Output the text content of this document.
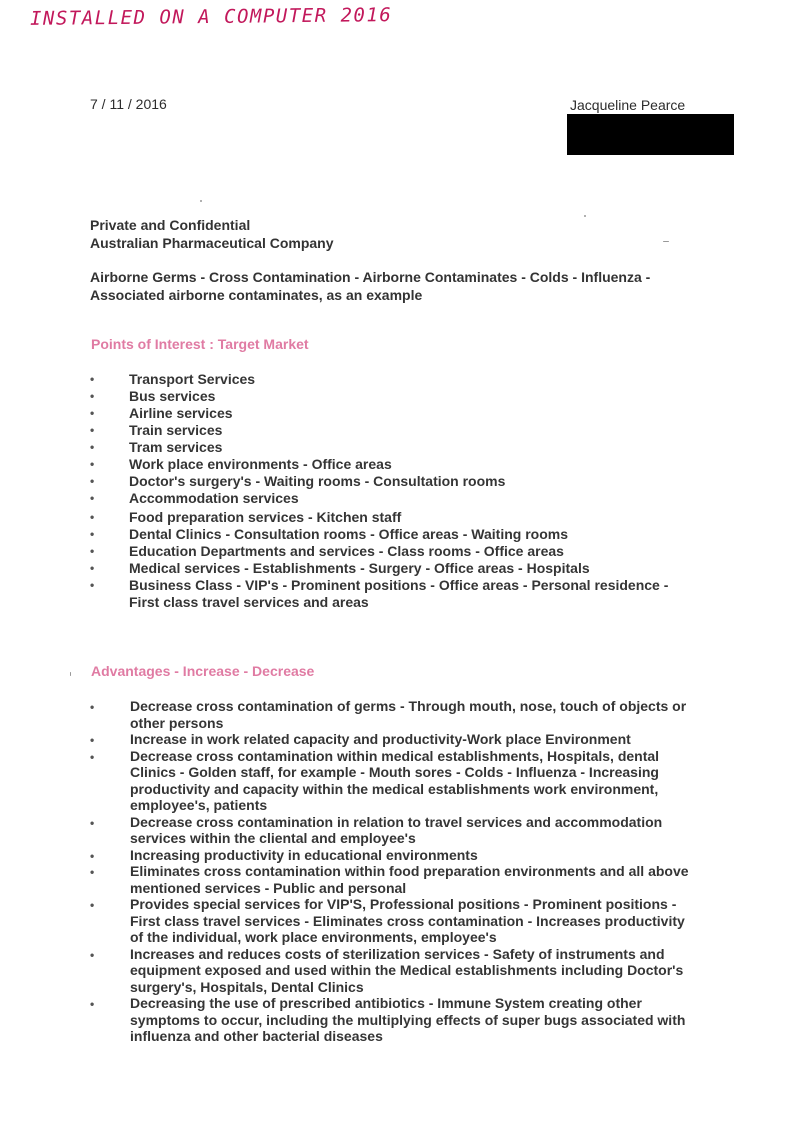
INSTALLED ON A COMPUTER 2016
7 / 11 / 2016	Jacqueline Pearce
Private and Confidential
Australian Pharmaceutical Company
Airborne Germs - Cross Contamination - Airborne Contaminates - Colds - Influenza -
Associated airborne contaminates, as an example
Points of Interest : Target Market
• Transport Services
• Bus services
• Airline services
• Train services
• Tram services
• Work place environments - Office areas
• Doctor's surgery's - Waiting rooms - Consultation rooms
• Accommodation services
• Food preparation services - Kitchen staff
• Dental Clinics - Consultation rooms - Office areas - Waiting rooms
• Education Departments and services - Class rooms - Office areas
• Medical services - Establishments - Surgery - Office areas - Hospitals
• Business Class - VIP's - Prominent positions - Office areas - Personal residence -
First class travel services and areas
Advantages - Increase - Decrease
•	Decrease cross contamination of germs - Through mouth, nose, touch of objects or
other persons
•	Increase in work related capacity and productivity-Work place Environment
•	Decrease cross contamination within medical establishments, Hospitals, dental
Clinics - Golden staff, for example - Mouth sores - Colds - Influenza - Increasing
productivity and capacity within the medical establishments work environment,
employee's, patients
•	Decrease cross contamination in relation to travel services and accommodation
services within the cliental and employee's
•	Increasing productivity in educational environments
•	Eliminates cross contamination within food preparation environments and all above
mentioned services - Public and personal
•	Provides special services for VIP'S, Professional positions - Prominent positions -
First class travel services - Eliminates cross contamination - Increases productivity
of the individual, work place environments, employee's
•	Increases and reduces costs of sterilization services - Safety of instruments and
equipment exposed and used within the Medical establishments including Doctor's
surgery's, Hospitals, Dental Clinics
•	Decreasing the use of prescribed antibiotics - Immune System creating other
symptoms to occur, including the multiplying effects of super bugs associated with
influenza and other bacterial diseases
